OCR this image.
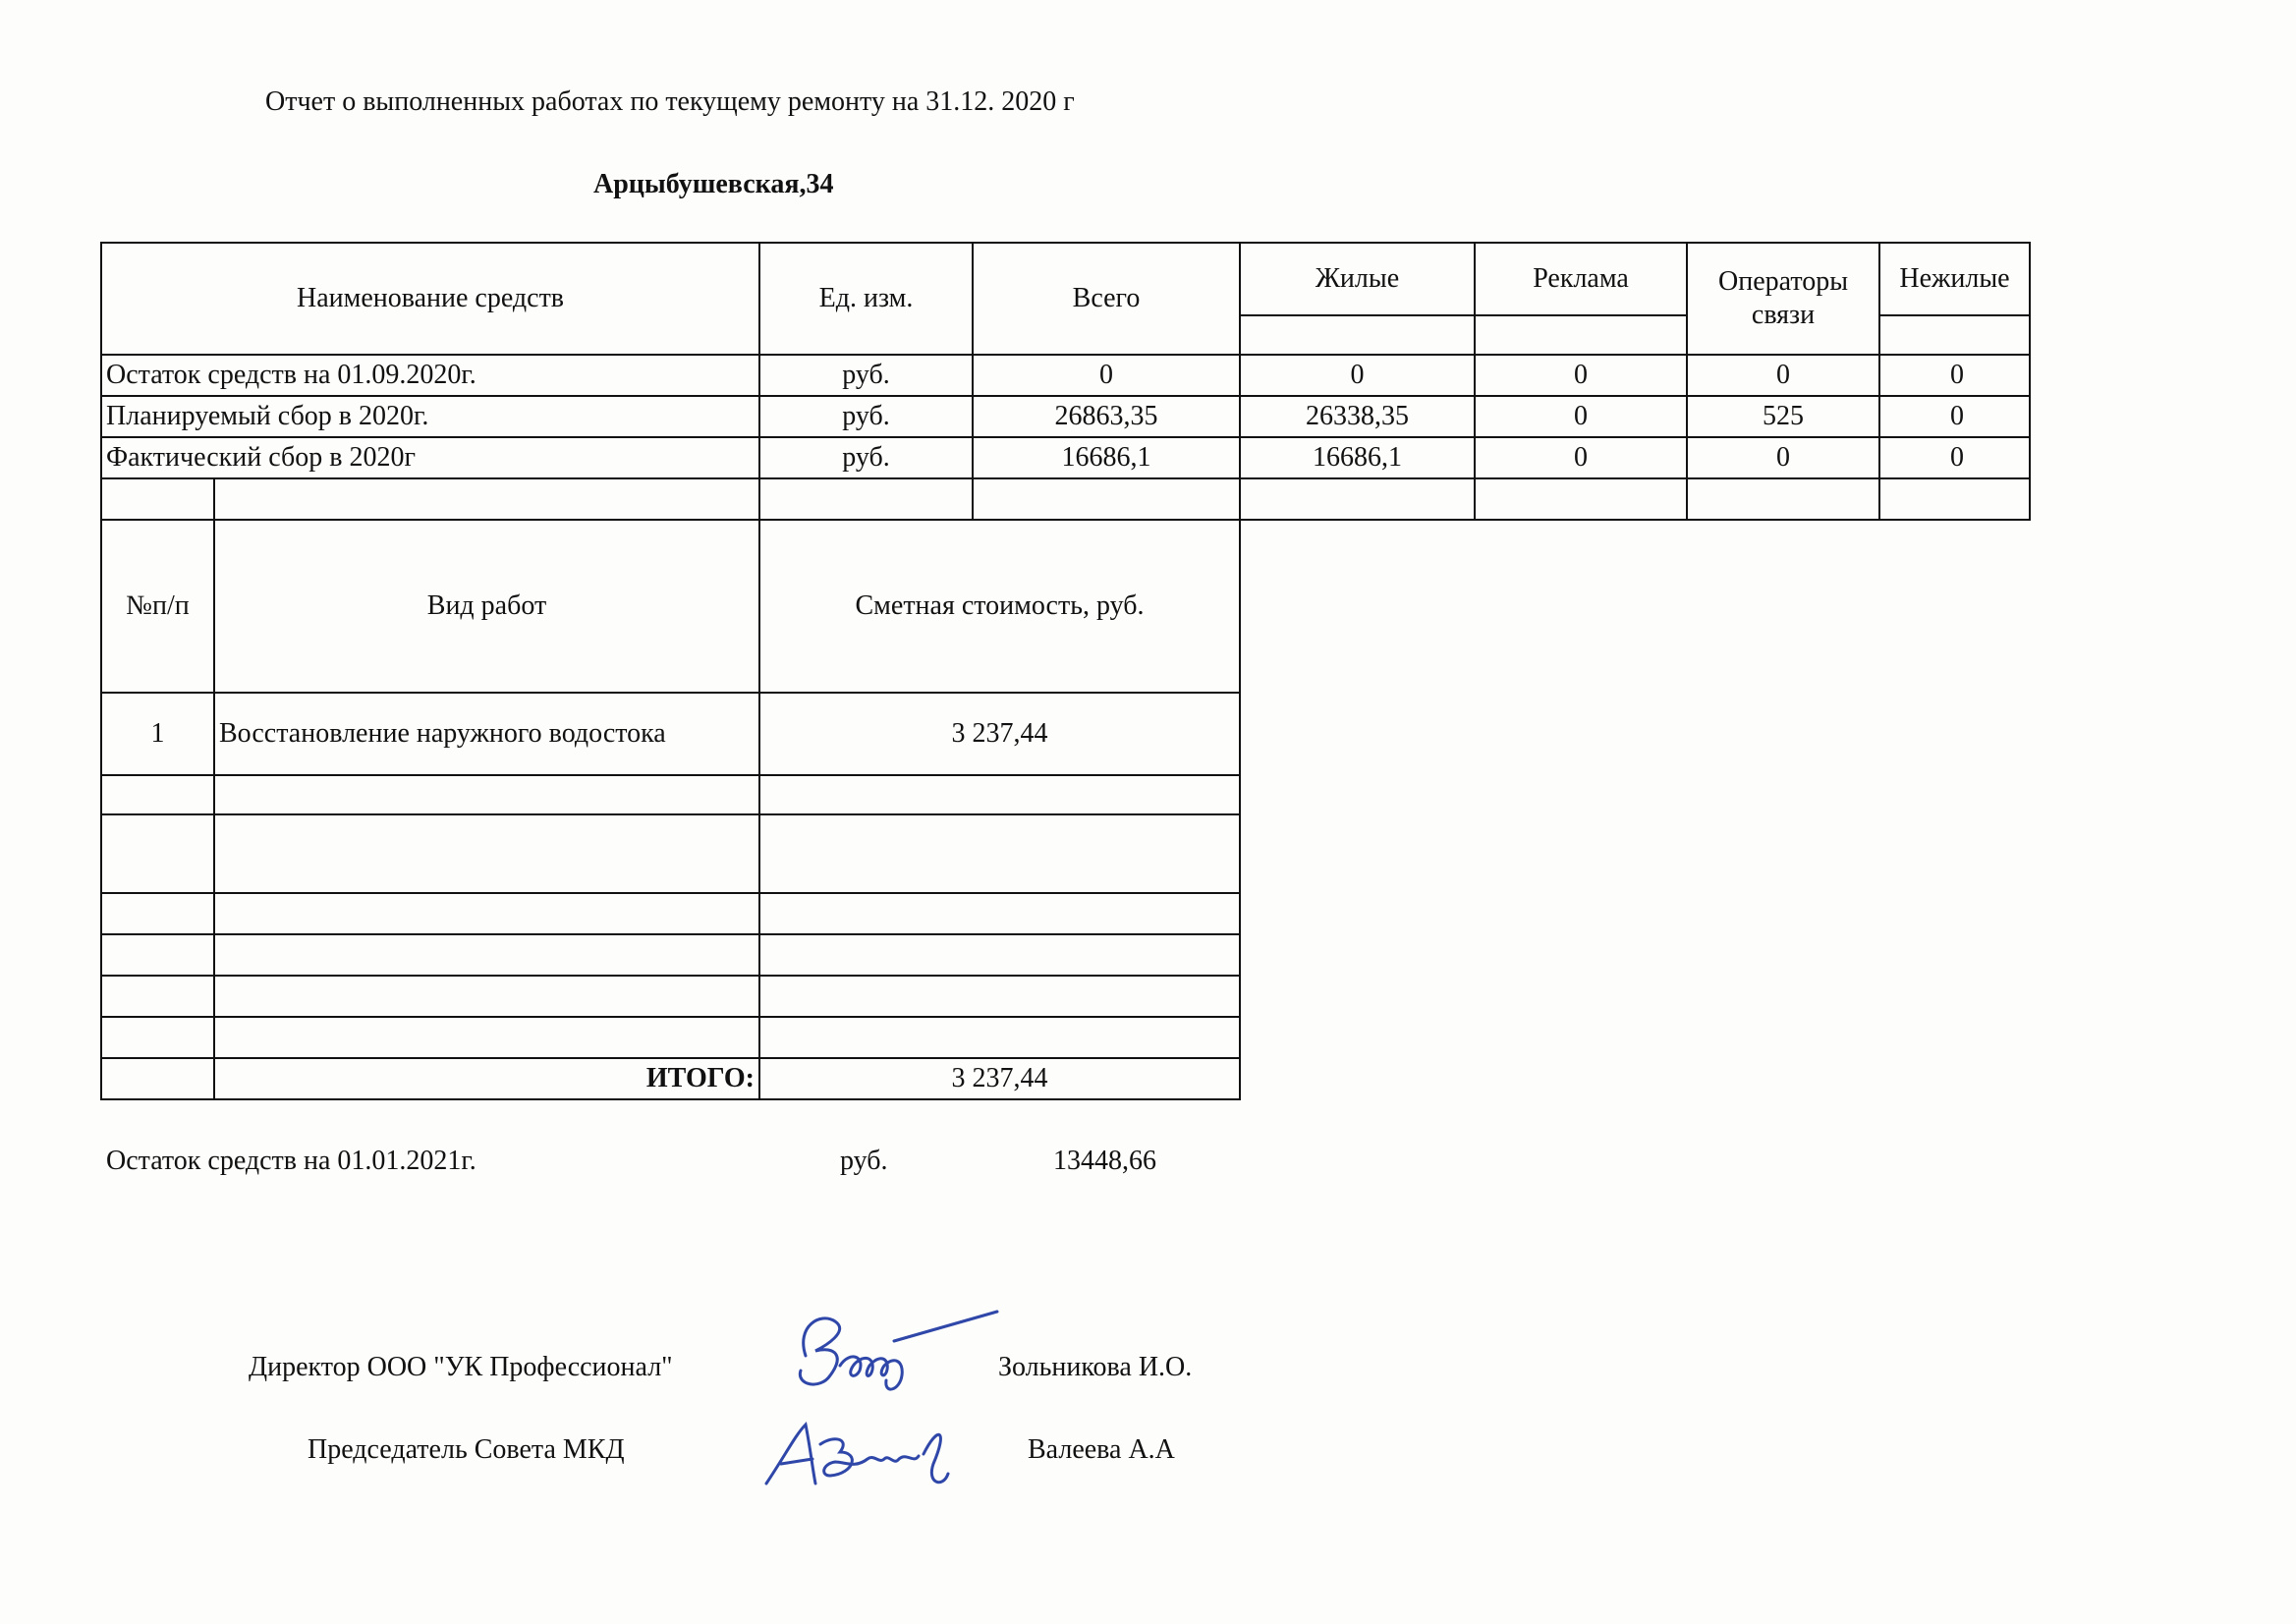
Отчет о выполненных работах по текущему ремонту на 31.12. 2020 г
Арцыбушевская,34
Наименование средств		Ед. изм.	Всего	Жилые	Реклама	Операторы связи	Нежилые

Остаток средств на 01.09.2020г.		руб.	0	0	0	0	0
Планируемый сбор в 2020г.		руб.	26863,35	26338,35	0	525	0
Фактический сбор в 2020г		руб.	16686,1	16686,1	0	0	0

№п/п	Вид работ	Сметная стоимость, руб.					
1	Восстановление наружного водостока	3 237,44					

	ИТОГО:	3 237,44					
Остаток средств на 01.01.2021г.	руб.	13448,66
Директор ООО "УК Профессионал"	Зольникова И.О.
Председатель Совета МКД	Валеева А.А
